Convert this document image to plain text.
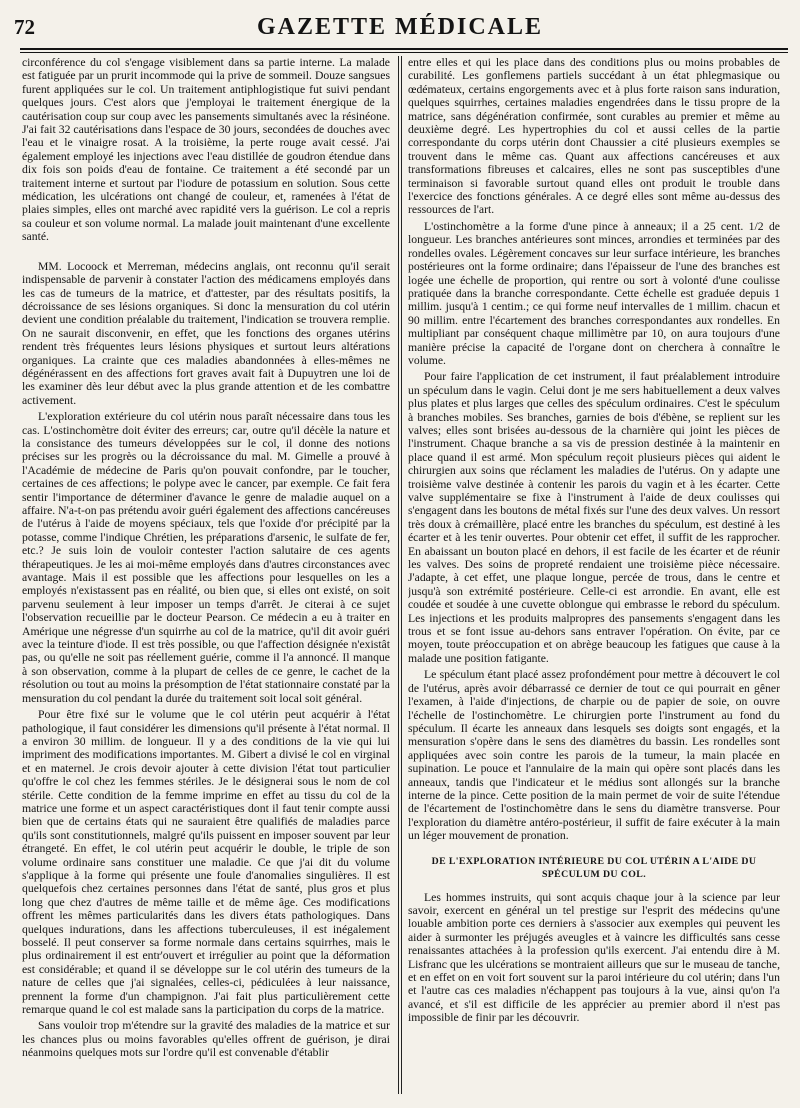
72	GAZETTE MÉDICALE

circonférence du col s'engage visiblement dans sa partie interne. La malade est fatiguée par un prurit incommode qui la prive de sommeil. Douze sangsues furent appliquées sur le col. Un traitement antiphlogistique fut suivi pendant quelques jours. C'est alors que j'employai le traitement énergique de la cautérisation coup sur coup avec les pansements simultanés avec la résinéone. J'ai fait 32 cautérisations dans l'espace de 30 jours, secondées de douches avec l'eau et le vinaigre rosat. A la troisième, la perte rouge avait cessé. J'ai également employé les injections avec l'eau distillée de goudron étendue dans dix fois son poids d'eau de fontaine. Ce traitement a été secondé par un traitement interne et surtout par l'iodure de potassium en solution. Sous cette médication, les ulcérations ont changé de couleur, et, ramenées à l'état de plaies simples, elles ont marché avec rapidité vers la guérison. Le col a repris sa couleur et son volume normal. La malade jouit maintenant d'une excellente santé.

MM. Locoock et Merreman, médecins anglais, ont reconnu qu'il serait indispensable de parvenir à constater l'action des médicamens employés dans les cas de tumeurs de la matrice, et d'attester, par des résultats positifs, la décroissance de ses lésions organiques. Si donc la mensuration du col utérin devient une condition préalable du traitement, l'indication se trouvera remplie. On ne saurait disconvenir, en effet, que les fonctions des organes utérins rendent très fréquentes leurs lésions physiques et surtout leurs altérations organiques. La crainte que ces maladies abandonnées à elles-mêmes ne dégénérassent en des affections fort graves avait fait à Dupuytren une loi de les examiner dès leur début avec la plus grande attention et de les combattre activement.

L'exploration extérieure du col utérin nous paraît nécessaire dans tous les cas. L'ostinchomètre doit éviter des erreurs; car, outre qu'il décèle la nature et la consistance des tumeurs développées sur le col, il donne des notions précises sur les progrès ou la décroissance du mal. M. Gimelle a prouvé à l'Académie de médecine de Paris qu'on pouvait confondre, par le toucher, certaines de ces affections; le polype avec le cancer, par exemple. Ce fait fera sentir l'importance de déterminer d'avance le genre de maladie auquel on a affaire. N'a-t-on pas prétendu avoir guéri également des affections cancéreuses de l'utérus à l'aide de moyens spéciaux, tels que l'oxide d'or précipité par la potasse, comme l'indique Chrétien, les préparations d'arsenic, le sulfate de fer, etc.? Je suis loin de vouloir contester l'action salutaire de ces agents thérapeutiques. Je les ai moi-même employés dans d'autres circonstances avec avantage. Mais il est possible que les affections pour lesquelles on les a employés n'existassent pas en réalité, ou bien que, si elles ont existé, on soit parvenu seulement à leur imposer un temps d'arrêt. Je citerai à ce sujet l'observation recueillie par le docteur Pearson. Ce médecin a eu à traiter en Amérique une négresse d'un squirrhe au col de la matrice, qu'il dit avoir guéri avec la teinture d'iode. Il est très possible, ou que l'affection désignée n'existât pas, ou qu'elle ne soit pas réellement guérie, comme il l'a annoncé. Il manque à son observation, comme à la plupart de celles de ce genre, le cachet de la résolution ou tout au moins la présomption de l'état stationnaire constaté par la mensuration du col pendant la durée du traitement soit local soit général.

Pour être fixé sur le volume que le col utérin peut acquérir à l'état pathologique, il faut considérer les dimensions qu'il présente à l'état normal. Il a environ 30 millim. de longueur. Il y a des conditions de la vie qui lui impriment des modifications importantes. M. Gibert a divisé le col en virginal et en maternel. Je crois devoir ajouter à cette division l'état tout particulier qu'offre le col chez les femmes stériles. Je le désignerai sous le nom de col stérile. Cette condition de la femme imprime en effet au tissu du col de la matrice une forme et un aspect caractéristiques dont il faut tenir compte aussi bien que de certains états qui ne sauraient être qualifiés de maladies parce qu'ils sont constitutionnels, malgré qu'ils puissent en imposer souvent par leur étrangeté. En effet, le col utérin peut acquérir le double, le triple de son volume ordinaire sans constituer une maladie. Ce que j'ai dit du volume s'applique à la forme qui présente une foule d'anomalies singulières. Il est quelquefois chez certaines personnes dans l'état de santé, plus gros et plus long que chez d'autres de même taille et de même âge. Ces modifications offrent les mêmes particularités dans les divers états pathologiques. Dans quelques indurations, dans les affections tuberculeuses, il est inégalement bosselé. Il peut conserver sa forme normale dans certains squirrhes, mais le plus ordinairement il est entr'ouvert et irrégulier au point que la déformation est considérable; et quand il se développe sur le col utérin des tumeurs de la nature de celles que j'ai signalées, celles-ci, pédiculées à leur naissance, prennent la forme d'un champignon. J'ai fait plus particulièrement cette remarque quand le col est malade sans la participation du corps de la matrice.

Sans vouloir trop m'étendre sur la gravité des maladies de la matrice et sur les chances plus ou moins favorables qu'elles offrent de guérison, je dirai néanmoins quelques mots sur l'ordre qu'il est convenable d'établir

entre elles et qui les place dans des conditions plus ou moins probables de curabilité. Les gonflemens partiels succédant à un état phlegmasique ou œdémateux, certains engorgements avec et à plus forte raison sans induration, quelques squirrhes, certaines maladies engendrées dans le tissu propre de la matrice, sans dégénération confirmée, sont curables au premier et même au deuxième degré. Les hypertrophies du col et aussi celles de la partie correspondante du corps utérin dont Chaussier a cité plusieurs exemples se trouvent dans le même cas. Quant aux affections cancéreuses et aux transformations fibreuses et calcaires, elles ne sont pas susceptibles d'une terminaison si favorable surtout quand elles ont produit le trouble dans l'exercice des fonctions générales. A ce degré elles sont même au-dessus des ressources de l'art.

L'ostinchomètre a la forme d'une pince à anneaux; il a 25 cent. 1/2 de longueur. Les branches antérieures sont minces, arrondies et terminées par des rondelles ovales. Légèrement concaves sur leur surface intérieure, les branches postérieures ont la forme ordinaire; dans l'épaisseur de l'une des branches est logée une échelle de proportion, qui rentre ou sort à volonté d'une coulisse pratiquée dans la branche correspondante. Cette échelle est graduée depuis 1 millim. jusqu'à 1 centim.; ce qui forme neuf intervalles de 1 millim. chacun et 90 millim. entre l'écartement des branches correspondantes aux rondelles. En multipliant par conséquent chaque millimètre par 10, on aura toujours d'une manière précise la capacité de l'organe dont on cherchera à connaître le volume.

Pour faire l'application de cet instrument, il faut préalablement introduire un spéculum dans le vagin. Celui dont je me sers habituellement a deux valves plus plates et plus larges que celles des spéculum ordinaires. C'est le spéculum à branches mobiles. Ses branches, garnies de bois d'ébène, se replient sur les valves; elles sont brisées au-dessous de la charnière qui joint les pièces de l'instrument. Chaque branche a sa vis de pression destinée à la maintenir en place quand il est armé. Mon spéculum reçoit plusieurs pièces qui aident le chirurgien aux soins que réclament les maladies de l'utérus. On y adapte une troisième valve destinée à contenir les parois du vagin et à les écarter. Cette valve supplémentaire se fixe à l'instrument à l'aide de deux coulisses qui s'engagent dans les boutons de métal fixés sur l'une des deux valves. Un ressort très doux à crémaillère, placé entre les branches du spéculum, est destiné à les écarter et à les tenir ouvertes. Pour obtenir cet effet, il suffit de les rapprocher. En abaissant un bouton placé en dehors, il est facile de les écarter et de réunir les valves. Des soins de propreté rendaient une troisième pièce nécessaire. J'adapte, à cet effet, une plaque longue, percée de trous, dans le centre et jusqu'à son extrémité postérieure. Celle-ci est arrondie. En avant, elle est coudée et soudée à une cuvette oblongue qui embrasse le rebord du spéculum. Les injections et les produits malpropres des pansements s'engagent dans les trous et se font issue au-dehors sans entraver l'opération. On évite, par ce moyen, toute préoccupation et on abrège beaucoup les fatigues que cause à la malade une position fatigante.

Le spéculum étant placé assez profondément pour mettre à découvert le col de l'utérus, après avoir débarrassé ce dernier de tout ce qui pourrait en gêner l'examen, à l'aide d'injections, de charpie ou de papier de soie, on ouvre l'échelle de l'ostinchomètre. Le chirurgien porte l'instrument au fond du spéculum. Il écarte les anneaux dans lesquels ses doigts sont engagés, et la mensuration s'opère dans le sens des diamètres du bassin. Les rondelles sont appliquées avec soin contre les parois de la tumeur, la main placée en supination. Le pouce et l'annulaire de la main qui opère sont placés dans les anneaux, tandis que l'indicateur et le médius sont allongés sur la branche interne de la pince. Cette position de la main permet de voir de suite l'étendue de l'écartement de l'ostinchomètre dans le sens du diamètre transverse. Pour l'exploration du diamètre antéro-postérieur, il suffit de faire exécuter à la main un léger mouvement de pronation.

DE L'EXPLORATION INTÉRIEURE DU COL UTÉRIN A L'AIDE DU SPÉCULUM DU COL.

Les hommes instruits, qui sont acquis chaque jour à la science par leur savoir, exercent en général un tel prestige sur l'esprit des médecins qu'une louable ambition porte ces derniers à s'associer aux exemples qui peuvent les aider à surmonter les préjugés aveugles et à vaincre les difficultés sans cesse renaissantes attachées à la profession qu'ils exercent. J'ai entendu dire à M. Lisfranc que les ulcérations se montraient ailleurs que sur le museau de tanche, et en effet on en voit fort souvent sur la paroi intérieure du col utérin; dans l'un et l'autre cas ces maladies n'échappent pas toujours à la vue, ainsi qu'on l'a avancé, et s'il est difficile de les apprécier au premier abord il n'est pas impossible de finir par les découvrir.
